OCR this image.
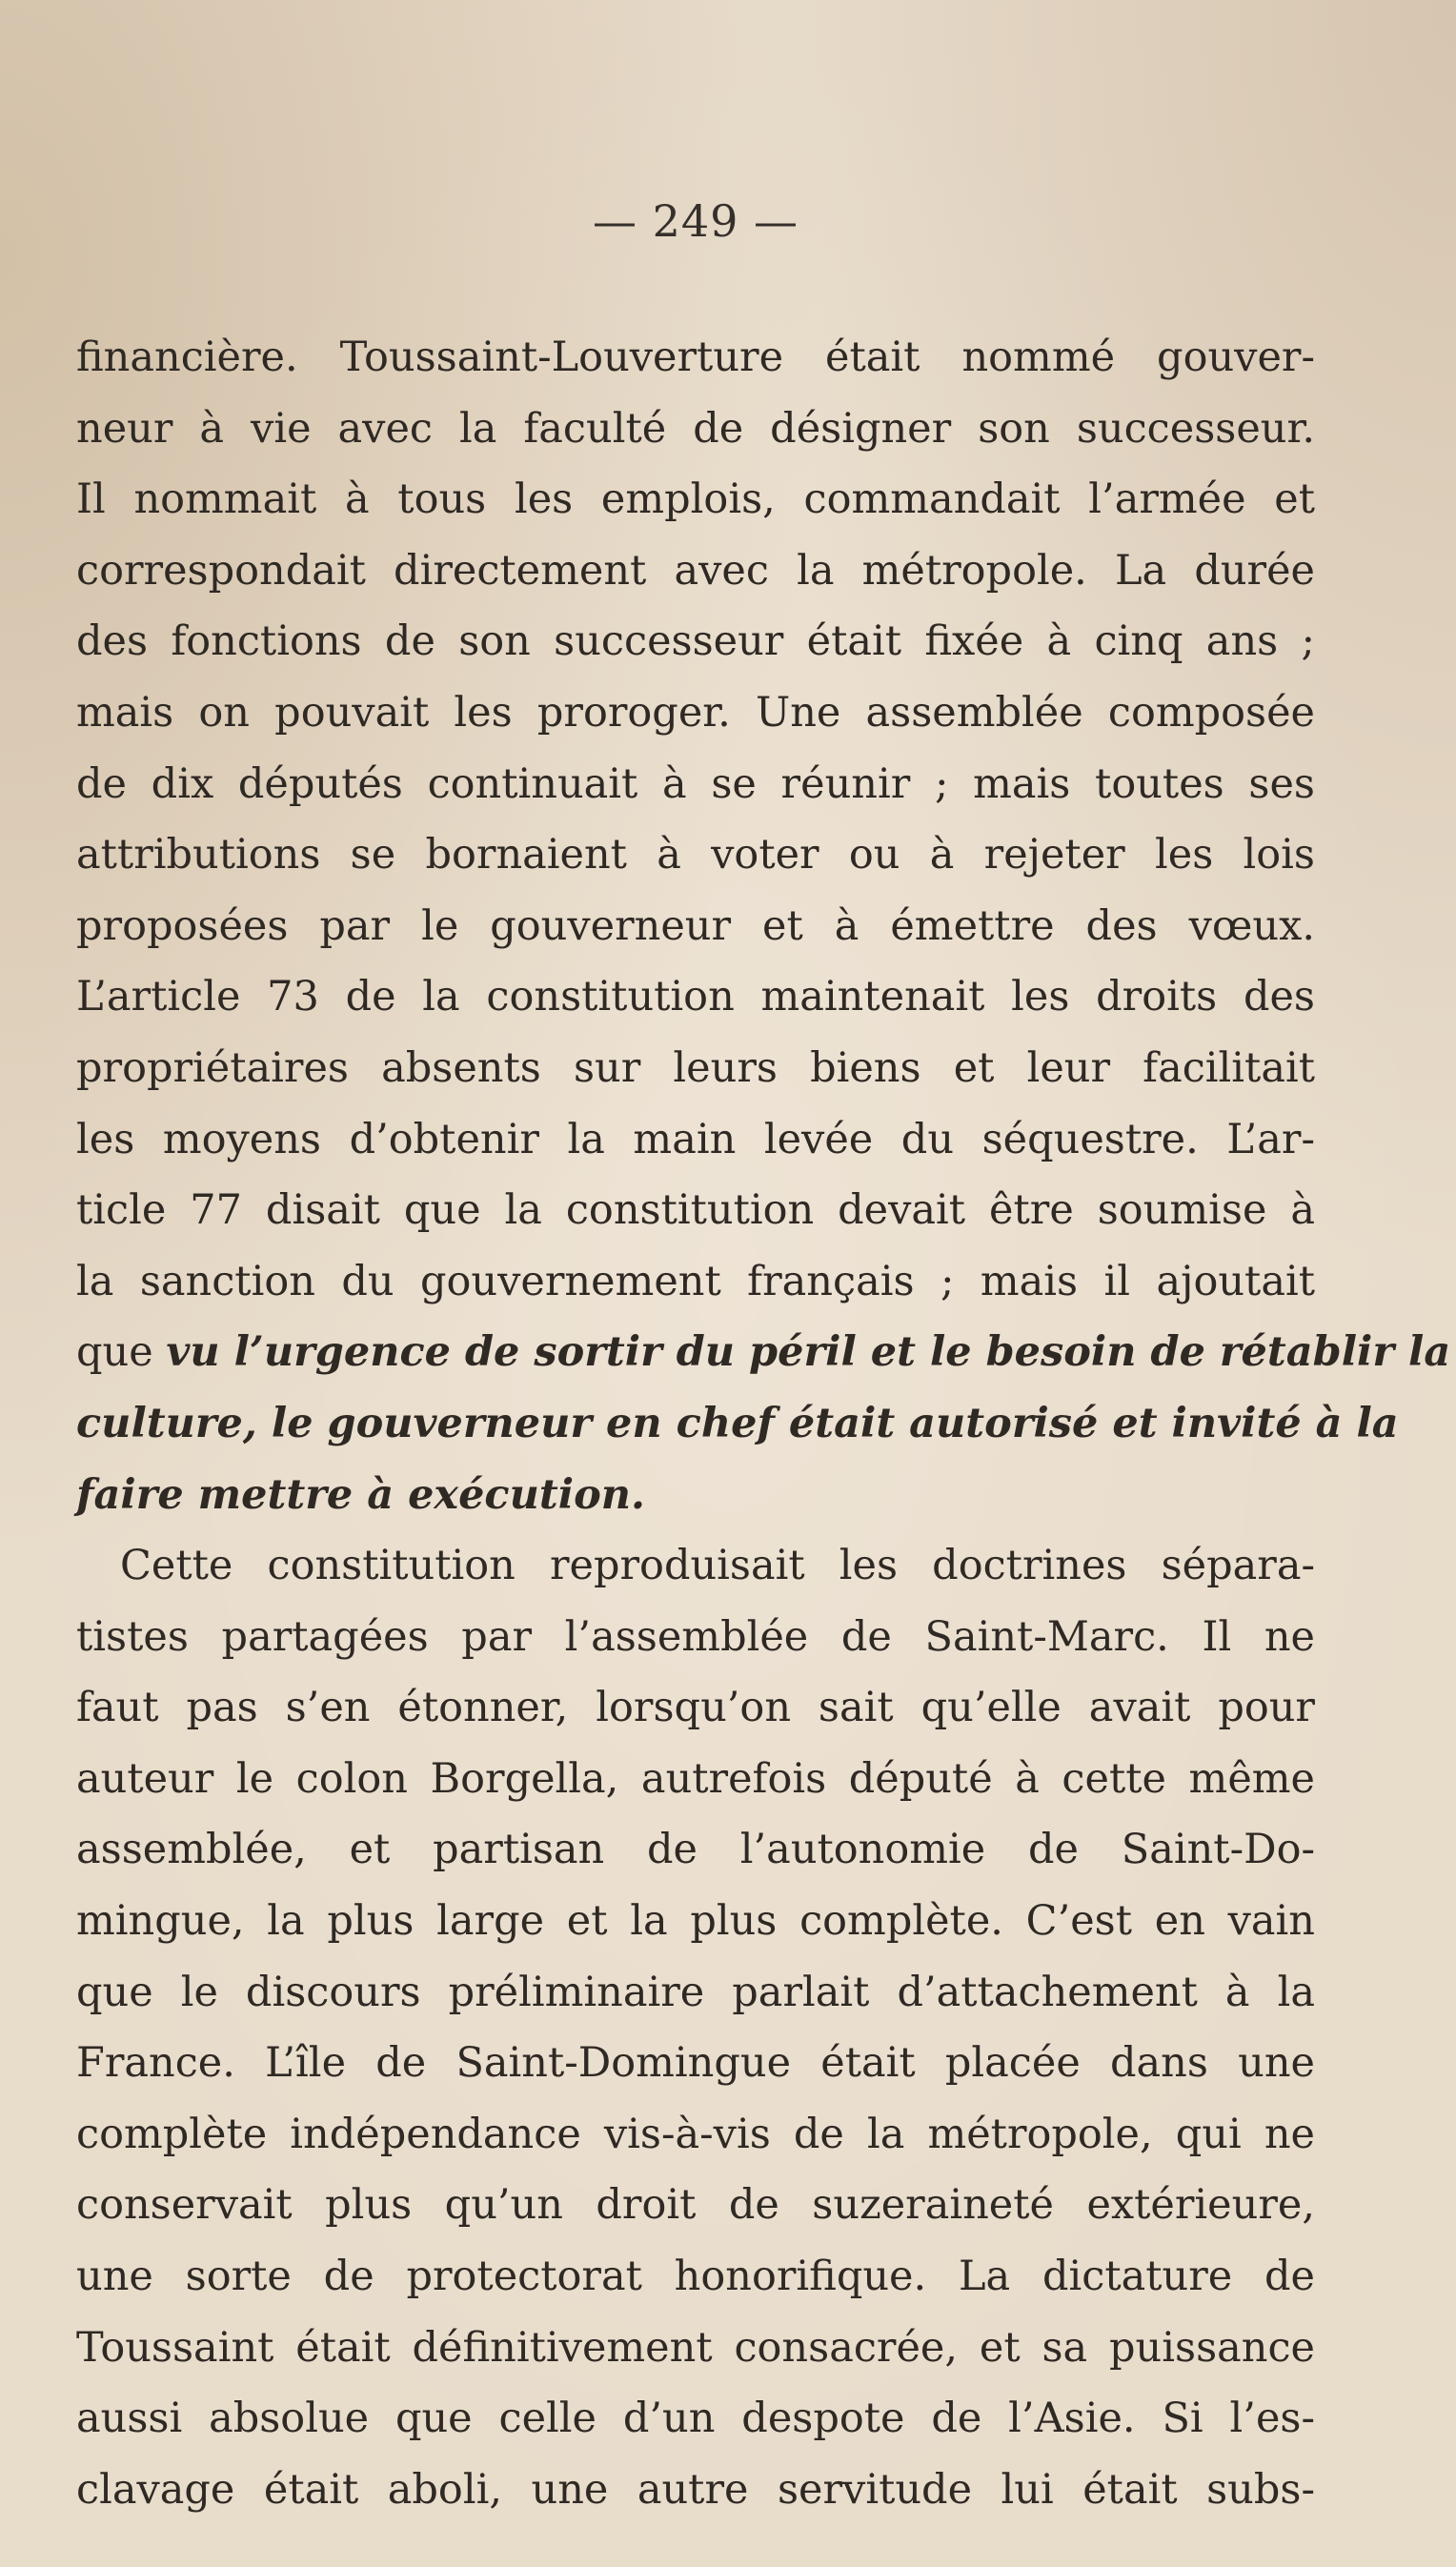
— 249 —
financière. Toussaint-Louverture était nommé gouver-
neur à vie avec la faculté de désigner son successeur.
Il nommait à tous les emplois, commandait l’armée et
correspondait directement avec la métropole. La durée
des fonctions de son successeur était fixée à cinq ans ;
mais on pouvait les proroger. Une assemblée composée
de dix députés continuait à se réunir ; mais toutes ses
attributions se bornaient à voter ou à rejeter les lois
proposées par le gouverneur et à émettre des vœux.
L’article 73 de la constitution maintenait les droits des
propriétaires absents sur leurs biens et leur facilitait
les moyens d’obtenir la main levée du séquestre. L’ar-
ticle 77 disait que la constitution devait être soumise à
la sanction du gouvernement français ; mais il ajoutait
que vu l’urgence de sortir du péril et le besoin de rétablir la
culture, le gouverneur en chef était autorisé et invité à la
faire mettre à exécution.
Cette constitution reproduisait les doctrines sépara-
tistes partagées par l’assemblée de Saint-Marc. Il ne
faut pas s’en étonner, lorsqu’on sait qu’elle avait pour
auteur le colon Borgella, autrefois député à cette même
assemblée, et partisan de l’autonomie de Saint-Do-
mingue, la plus large et la plus complète. C’est en vain
que le discours préliminaire parlait d’attachement à la
France. L’île de Saint-Domingue était placée dans une
complète indépendance vis-à-vis de la métropole, qui ne
conservait plus qu’un droit de suzeraineté extérieure,
une sorte de protectorat honorifique. La dictature de
Toussaint était définitivement consacrée, et sa puissance
aussi absolue que celle d’un despote de l’Asie. Si l’es-
clavage était aboli, une autre servitude lui était subs-
